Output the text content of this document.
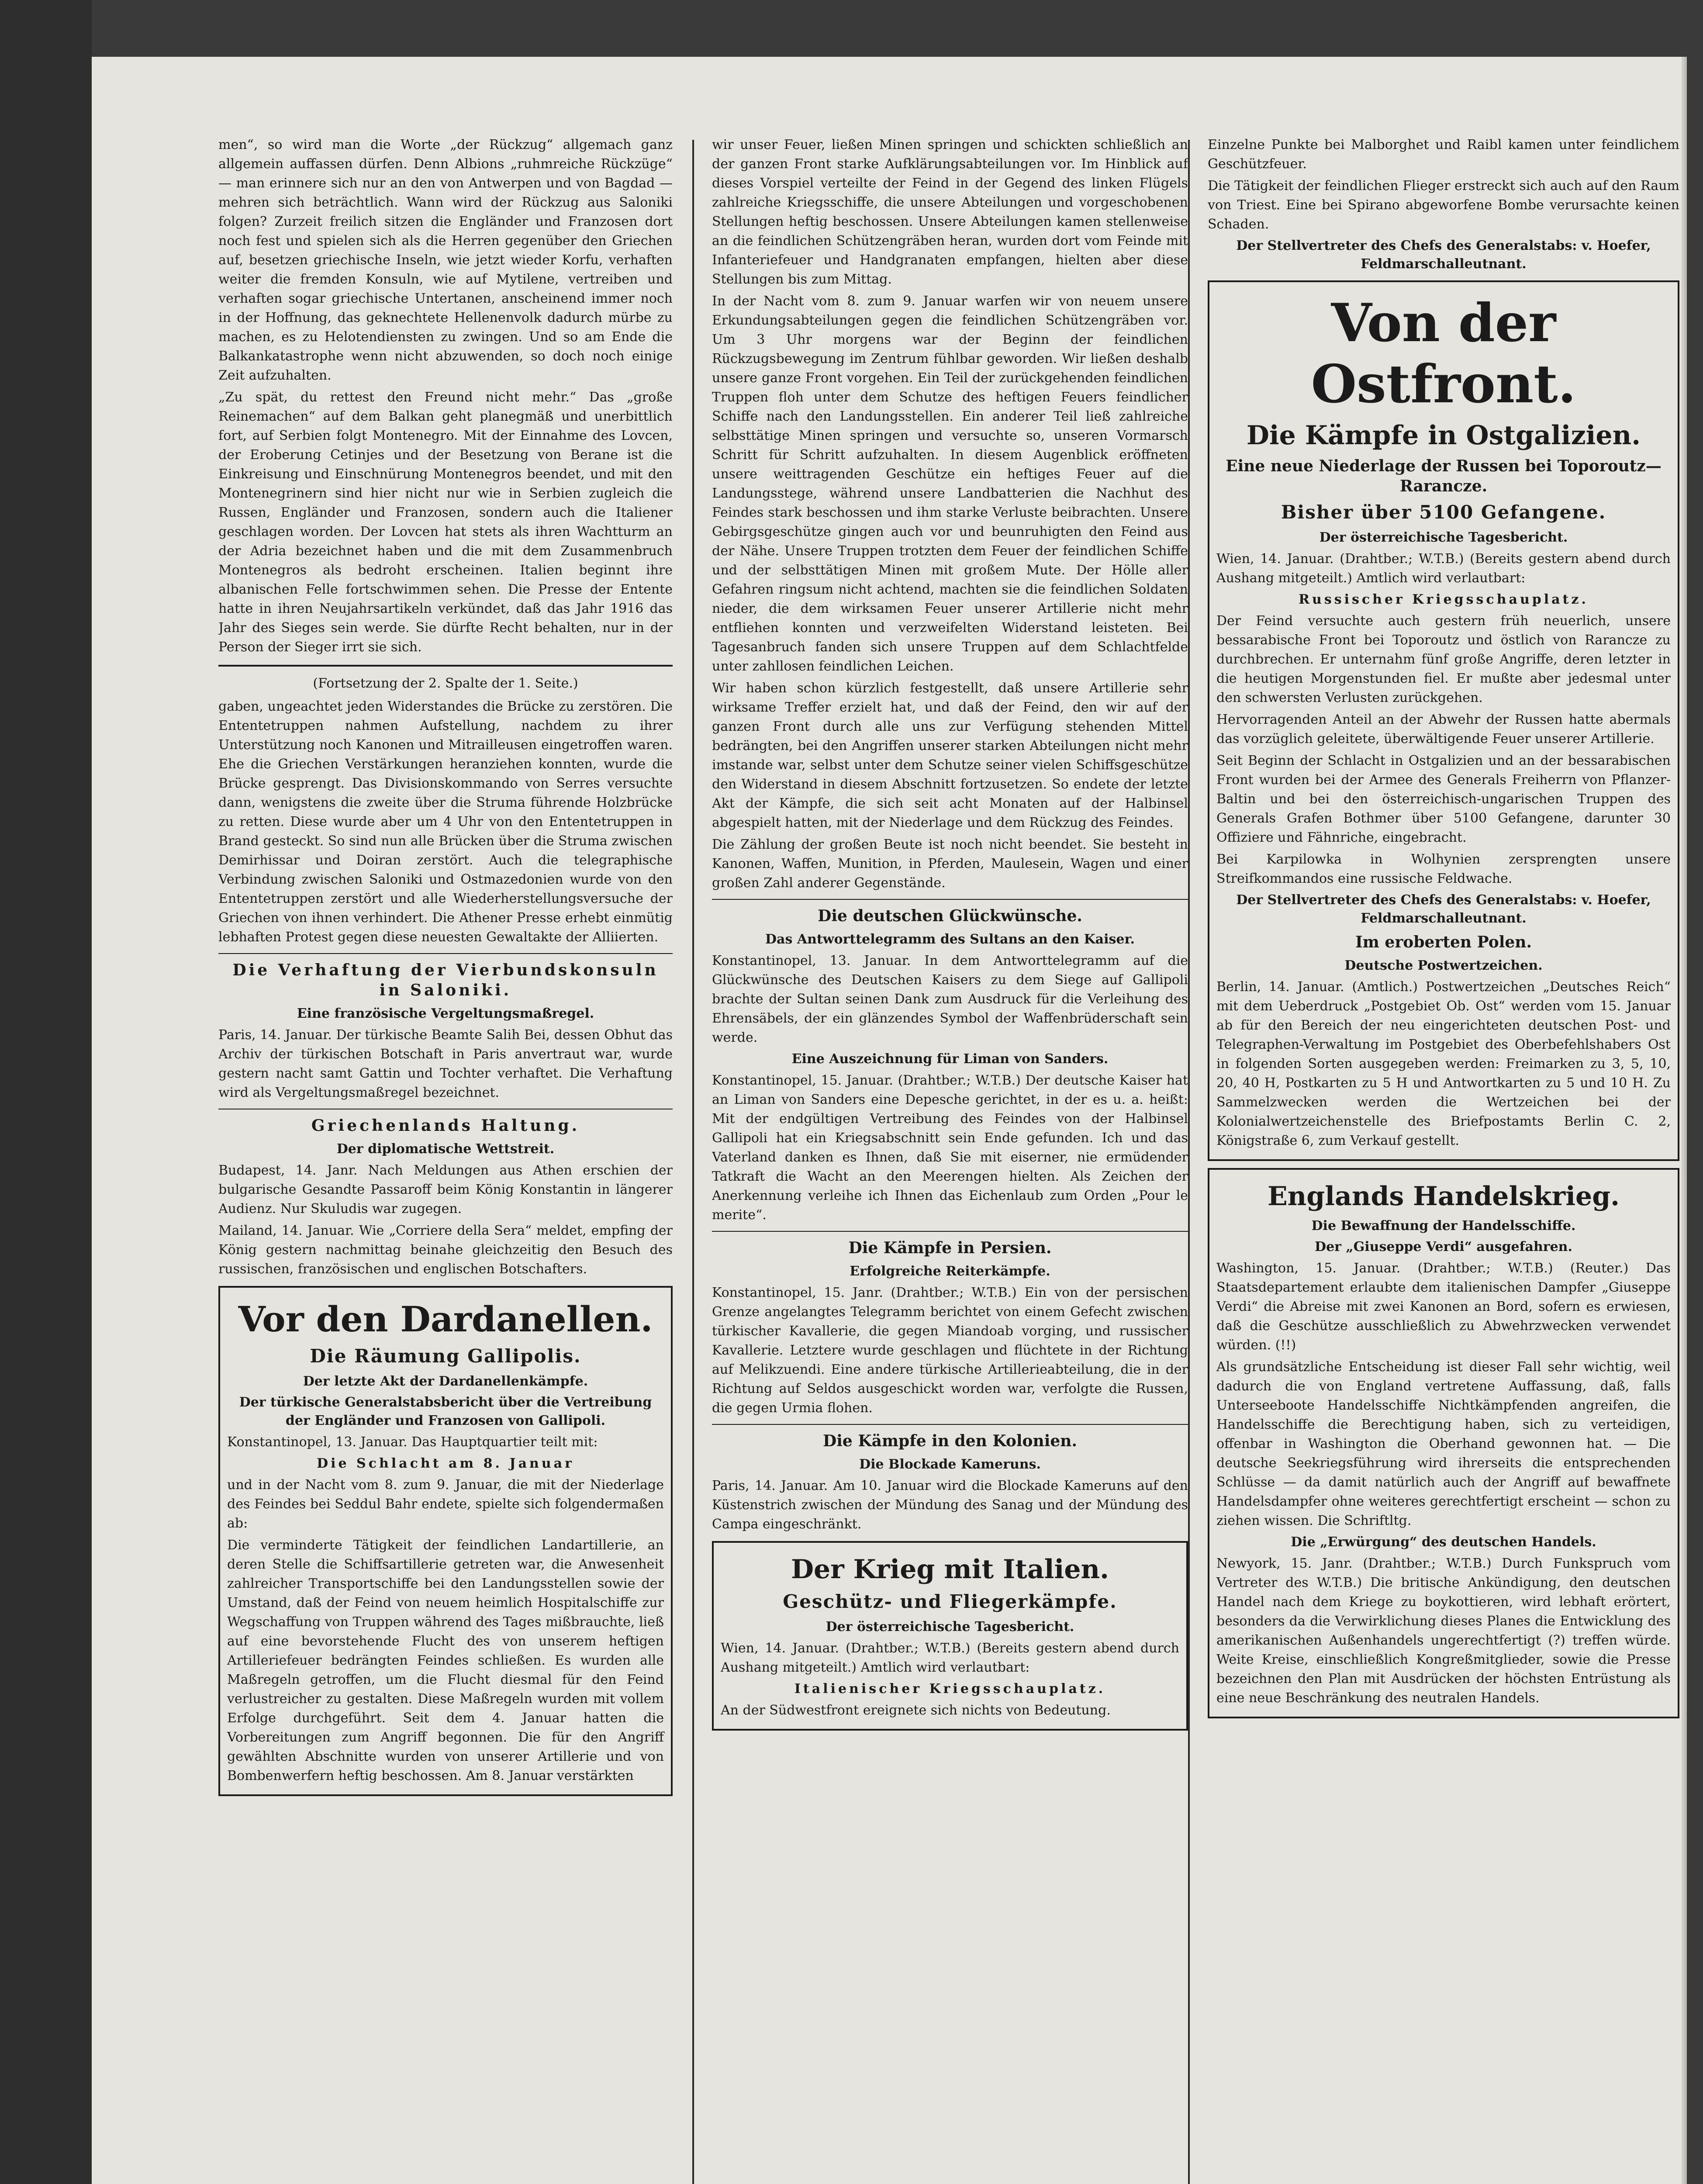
men“, so wird man die Worte „der Rückzug“ allgemach ganz allgemein auffassen dürfen. Denn Albions „ruhmreiche Rückzüge“ — man erinnere sich nur an den von Antwerpen und von Bagdad — mehren sich beträchtlich. Wann wird der Rückzug aus Saloniki folgen? Zurzeit freilich sitzen die Engländer und Franzosen dort noch fest und spielen sich als die Herren gegenüber den Griechen auf, besetzen griechische Inseln, wie jetzt wieder Korfu, verhaften weiter die fremden Konsuln, wie auf Mytilene, vertreiben und verhaften sogar griechische Untertanen, anscheinend immer noch in der Hoffnung, das geknechtete Hellenenvolk dadurch mürbe zu machen, es zu Helotendiensten zu zwingen. Und so am Ende die Balkankatastrophe wenn nicht abzuwenden, so doch noch einige Zeit aufzuhalten.

„Zu spät, du rettest den Freund nicht mehr.“ Das „große Reinemachen“ auf dem Balkan geht planegmäß und unerbittlich fort, auf Serbien folgt Montenegro. Mit der Einnahme des Lovcen, der Eroberung Cetinjes und der Besetzung von Berane ist die Einkreisung und Einschnürung Montenegros beendet, und mit den Montenegrinern sind hier nicht nur wie in Serbien zugleich die Russen, Engländer und Franzosen, sondern auch die Italiener geschlagen worden. Der Lovcen hat stets als ihren Wachtturm an der Adria bezeichnet haben und die mit dem Zusammenbruch Montenegros als bedroht erscheinen. Italien beginnt ihre albanischen Felle fortschwimmen sehen. Die Presse der Entente hatte in ihren Neujahrsartikeln verkündet, daß das Jahr 1916 das Jahr des Sieges sein werde. Sie dürfte Recht behalten, nur in der Person der Sieger irrt sie sich.

(Fortsetzung der 2. Spalte der 1. Seite.)

gaben, ungeachtet jeden Widerstandes die Brücke zu zerstören. Die Ententetruppen nahmen Aufstellung, nachdem zu ihrer Unterstützung noch Kanonen und Mitrailleusen eingetroffen waren. Ehe die Griechen Verstärkungen heranziehen konnten, wurde die Brücke gesprengt. Das Divisionskommando von Serres versuchte dann, wenigstens die zweite über die Struma führende Holzbrücke zu retten. Diese wurde aber um 4 Uhr von den Ententetruppen in Brand gesteckt. So sind nun alle Brücken über die Struma zwischen Demirhissar und Doiran zerstört. Auch die telegraphische Verbindung zwischen Saloniki und Ostmazedonien wurde von den Ententetruppen zerstört und alle Wiederherstellungsversuche der Griechen von ihnen verhindert. Die Athener Presse erhebt einmütig lebhaften Protest gegen diese neuesten Gewaltakte der Alliierten.

Die Verhaftung der Vierbundskonsuln in Saloniki.
Eine französische Vergeltungsmaßregel.

Paris, 14. Januar. Der türkische Beamte Salih Bei, dessen Obhut das Archiv der türkischen Botschaft in Paris anvertraut war, wurde gestern nacht samt Gattin und Tochter verhaftet. Die Verhaftung wird als Vergeltungsmaßregel bezeichnet.

Griechenlands Haltung.
Der diplomatische Wettstreit.

Budapest, 14. Janr. Nach Meldungen aus Athen erschien der bulgarische Gesandte Passaroff beim König Konstantin in längerer Audienz. Nur Skuludis war zugegen.

Mailand, 14. Januar. Wie „Corriere della Sera“ meldet, empfing der König gestern nachmittag beinahe gleichzeitig den Besuch des russischen, französischen und englischen Botschafters.

Vor den Dardanellen.
Die Räumung Gallipolis.
Der letzte Akt der Dardanellenkämpfe.
Der türkische Generalstabsbericht über die Vertreibung der Engländer und Franzosen von Gallipoli.

Konstantinopel, 13. Januar. Das Hauptquartier teilt mit:

Die Schlacht am 8. Januar

und in der Nacht vom 8. zum 9. Januar, die mit der Niederlage des Feindes bei Seddul Bahr endete, spielte sich folgendermaßen ab:

Die verminderte Tätigkeit der feindlichen Landartillerie, an deren Stelle die Schiffsartillerie getreten war, die Anwesenheit zahlreicher Transportschiffe bei den Landungsstellen sowie der Umstand, daß der Feind von neuem heimlich Hospitalschiffe zur Wegschaffung von Truppen während des Tages mißbrauchte, ließ auf eine bevorstehende Flucht des von unserem heftigen Artilleriefeuer bedrängten Feindes schließen. Es wurden alle Maßregeln getroffen, um die Flucht diesmal für den Feind verlustreicher zu gestalten. Diese Maßregeln wurden mit vollem Erfolge durchgeführt. Seit dem 4. Januar hatten die Vorbereitungen zum Angriff begonnen. Die für den Angriff gewählten Abschnitte wurden von unserer Artillerie und von Bombenwerfern heftig beschossen. Am 8. Januar verstärkten

wir unser Feuer, ließen Minen springen und schickten schließlich an der ganzen Front starke Aufklärungsabteilungen vor. Im Hinblick auf dieses Vorspiel verteilte der Feind in der Gegend des linken Flügels zahlreiche Kriegsschiffe, die unsere Abteilungen und vorgeschobenen Stellungen heftig beschossen. Unsere Abteilungen kamen stellenweise an die feindlichen Schützengräben heran, wurden dort vom Feinde mit Infanteriefeuer und Handgranaten empfangen, hielten aber diese Stellungen bis zum Mittag.

In der Nacht vom 8. zum 9. Januar warfen wir von neuem unsere Erkundungsabteilungen gegen die feindlichen Schützengräben vor. Um 3 Uhr morgens war der Beginn der feindlichen Rückzugsbewegung im Zentrum fühlbar geworden. Wir ließen deshalb unsere ganze Front vorgehen. Ein Teil der zurückgehenden feindlichen Truppen floh unter dem Schutze des heftigen Feuers feindlicher Schiffe nach den Landungsstellen. Ein anderer Teil ließ zahlreiche selbsttätige Minen springen und versuchte so, unseren Vormarsch Schritt für Schritt aufzuhalten. In diesem Augenblick eröffneten unsere weittragenden Geschütze ein heftiges Feuer auf die Landungsstege, während unsere Landbatterien die Nachhut des Feindes stark beschossen und ihm starke Verluste beibrachten. Unsere Gebirgsgeschütze gingen auch vor und beunruhigten den Feind aus der Nähe. Unsere Truppen trotzten dem Feuer der feindlichen Schiffe und der selbsttätigen Minen mit großem Mute. Der Hölle aller Gefahren ringsum nicht achtend, machten sie die feindlichen Soldaten nieder, die dem wirksamen Feuer unserer Artillerie nicht mehr entfliehen konnten und verzweifelten Widerstand leisteten. Bei Tagesanbruch fanden sich unsere Truppen auf dem Schlachtfelde unter zahllosen feindlichen Leichen.

Wir haben schon kürzlich festgestellt, daß unsere Artillerie sehr wirksame Treffer erzielt hat, und daß der Feind, den wir auf der ganzen Front durch alle uns zur Verfügung stehenden Mittel bedrängten, bei den Angriffen unserer starken Abteilungen nicht mehr imstande war, selbst unter dem Schutze seiner vielen Schiffsgeschütze den Widerstand in diesem Abschnitt fortzusetzen. So endete der letzte Akt der Kämpfe, die sich seit acht Monaten auf der Halbinsel abgespielt hatten, mit der Niederlage und dem Rückzug des Feindes.

Die Zählung der großen Beute ist noch nicht beendet. Sie besteht in Kanonen, Waffen, Munition, in Pferden, Maulesein, Wagen und einer großen Zahl anderer Gegenstände.

Die deutschen Glückwünsche.
Das Antworttelegramm des Sultans an den Kaiser.

Konstantinopel, 13. Januar. In dem Antworttelegramm auf die Glückwünsche des Deutschen Kaisers zu dem Siege auf Gallipoli brachte der Sultan seinen Dank zum Ausdruck für die Verleihung des Ehrensäbels, der ein glänzendes Symbol der Waffenbrüderschaft sein werde.

Eine Auszeichnung für Liman von Sanders.

Konstantinopel, 15. Januar. (Drahtber.; W.T.B.) Der deutsche Kaiser hat an Liman von Sanders eine Depesche gerichtet, in der es u. a. heißt: Mit der endgültigen Vertreibung des Feindes von der Halbinsel Gallipoli hat ein Kriegsabschnitt sein Ende gefunden. Ich und das Vaterland danken es Ihnen, daß Sie mit eiserner, nie ermüdender Tatkraft die Wacht an den Meerengen hielten. Als Zeichen der Anerkennung verleihe ich Ihnen das Eichenlaub zum Orden „Pour le merite“.

Die Kämpfe in Persien.
Erfolgreiche Reiterkämpfe.

Konstantinopel, 15. Janr. (Drahtber.; W.T.B.) Ein von der persischen Grenze angelangtes Telegramm berichtet von einem Gefecht zwischen türkischer Kavallerie, die gegen Miandoab vorging, und russischer Kavallerie. Letztere wurde geschlagen und flüchtete in der Richtung auf Melikzuendi. Eine andere türkische Artillerieabteilung, die in der Richtung auf Seldos ausgeschickt worden war, verfolgte die Russen, die gegen Urmia flohen.

Die Kämpfe in den Kolonien.
Die Blockade Kameruns.

Paris, 14. Januar. Am 10. Januar wird die Blockade Kameruns auf den Küstenstrich zwischen der Mündung des Sanag und der Mündung des Campa eingeschränkt.

Der Krieg mit Italien.
Geschütz- und Fliegerkämpfe.
Der österreichische Tagesbericht.

Wien, 14. Januar. (Drahtber.; W.T.B.) (Bereits gestern abend durch Aushang mitgeteilt.) Amtlich wird verlautbart:

Italienischer Kriegsschauplatz.

An der Südwestfront ereignete sich nichts von Bedeutung.

Einzelne Punkte bei Malborghet und Raibl kamen unter feindlichem Geschützfeuer.

Die Tätigkeit der feindlichen Flieger erstreckt sich auch auf den Raum von Triest. Eine bei Spirano abgeworfene Bombe verursachte keinen Schaden.

Der Stellvertreter des Chefs des Generalstabs: v. Hoefer, Feldmarschalleutnant.
Von der Ostfront.
Die Kämpfe in Ostgalizien.
Eine neue Niederlage der Russen bei Toporoutz—Rarancze.
Bisher über 5100 Gefangene.
Der österreichische Tagesbericht.

Wien, 14. Januar. (Drahtber.; W.T.B.) (Bereits gestern abend durch Aushang mitgeteilt.) Amtlich wird verlautbart:

Russischer Kriegsschauplatz.

Der Feind versuchte auch gestern früh neuerlich, unsere bessarabische Front bei Toporoutz und östlich von Rarancze zu durchbrechen. Er unternahm fünf große Angriffe, deren letzter in die heutigen Morgenstunden fiel. Er mußte aber jedesmal unter den schwersten Verlusten zurückgehen.

Hervorragenden Anteil an der Abwehr der Russen hatte abermals das vorzüglich geleitete, überwältigende Feuer unserer Artillerie.

Seit Beginn der Schlacht in Ostgalizien und an der bessarabischen Front wurden bei der Armee des Generals Freiherrn von Pflanzer-Baltin und bei den österreichisch-ungarischen Truppen des Generals Grafen Bothmer über 5100 Gefangene, darunter 30 Offiziere und Fähnriche, eingebracht.

Bei Karpilowka in Wolhynien zersprengten unsere Streifkommandos eine russische Feldwache.

Der Stellvertreter des Chefs des Generalstabs: v. Hoefer, Feldmarschalleutnant.
Im eroberten Polen.
Deutsche Postwertzeichen.

Berlin, 14. Januar. (Amtlich.) Postwertzeichen „Deutsches Reich“ mit dem Ueberdruck „Postgebiet Ob. Ost“ werden vom 15. Januar ab für den Bereich der neu eingerichteten deutschen Post- und Telegraphen-Verwaltung im Postgebiet des Oberbefehlshabers Ost in folgenden Sorten ausgegeben werden: Freimarken zu 3, 5, 10, 20, 40 H, Postkarten zu 5 H und Antwortkarten zu 5 und 10 H. Zu Sammelzwecken werden die Wertzeichen bei der Kolonialwertzeichenstelle des Briefpostamts Berlin C. 2, Königstraße 6, zum Verkauf gestellt.

Englands Handelskrieg.
Die Bewaffnung der Handelsschiffe.
Der „Giuseppe Verdi“ ausgefahren.

Washington, 15. Januar. (Drahtber.; W.T.B.) (Reuter.) Das Staatsdepartement erlaubte dem italienischen Dampfer „Giuseppe Verdi“ die Abreise mit zwei Kanonen an Bord, sofern es erwiesen, daß die Geschütze ausschließlich zu Abwehrzwecken verwendet würden. (!!)

Als grundsätzliche Entscheidung ist dieser Fall sehr wichtig, weil dadurch die von England vertretene Auffassung, daß, falls Unterseeboote Handelsschiffe Nichtkämpfenden angreifen, die Handelsschiffe die Berechtigung haben, sich zu verteidigen, offenbar in Washington die Oberhand gewonnen hat. — Die deutsche Seekriegsführung wird ihrerseits die entsprechenden Schlüsse — da damit natürlich auch der Angriff auf bewaffnete Handelsdampfer ohne weiteres gerechtfertigt erscheint — schon zu ziehen wissen. Die Schriftltg.

Die „Erwürgung“ des deutschen Handels.

Newyork, 15. Janr. (Drahtber.; W.T.B.) Durch Funkspruch vom Vertreter des W.T.B.) Die britische Ankündigung, den deutschen Handel nach dem Kriege zu boykottieren, wird lebhaft erörtert, besonders da die Verwirklichung dieses Planes die Entwicklung des amerikanischen Außenhandels ungerechtfertigt (?) treffen würde. Weite Kreise, einschließlich Kongreßmitglieder, sowie die Presse bezeichnen den Plan mit Ausdrücken der höchsten Entrüstung als eine neue Beschränkung des neutralen Handels.
